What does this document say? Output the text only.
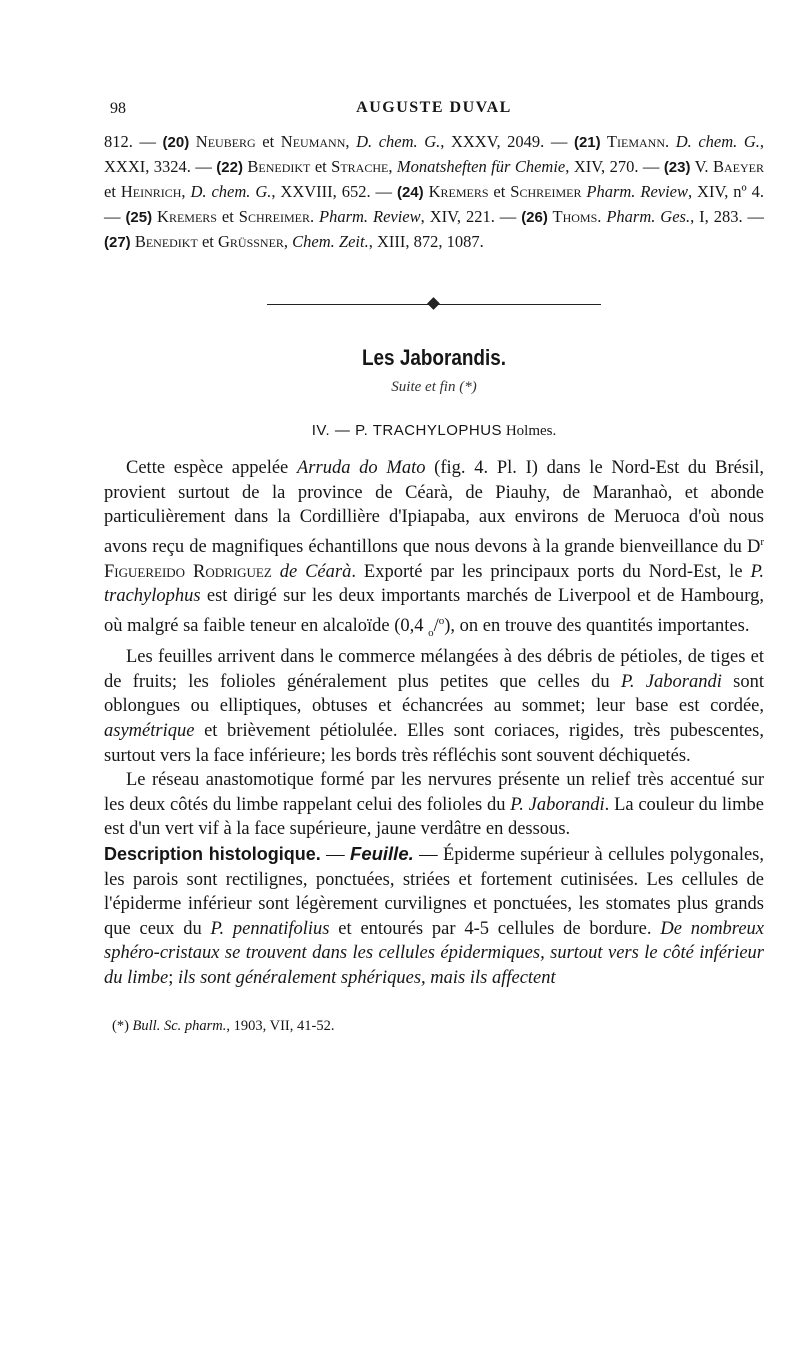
98	AUGUSTE DUVAL
812. — (20) Neuberg et Neumann, D. chem. G., XXXV, 2049. — (21) Tiemann. D. chem. G., XXXI, 3324. — (22) Benedikt et Strache, Monatsheften für Chemie, XIV, 270. — (23) V. Baeyer et Heinrich, D. chem. G., XXVIII, 652. — (24) Kremers et Schreimer Pharm. Review, XIV, nº 4. — (25) Kremers et Schreimer. Pharm. Review, XIV, 221. — (26) Thoms. Pharm. Ges., I, 283. — (27) Benedikt et Grüssner, Chem. Zeit., XIII, 872, 1087.
Les Jaborandis.
Suite et fin (*)
IV. — P. TRACHYLOPHUS Holmes.

Cette espèce appelée Arruda do Mato (fig. 4. Pl. I) dans le Nord-Est du Brésil, provient surtout de la province de Céarà, de Piauhy, de Maranhaò, et abonde particulièrement dans la Cordillière d'Ipiapaba, aux environs de Meruoca d'où nous avons reçu de magnifiques échantillons que nous devons à la grande bienveillance du $D^r$ Figuereido Rodriguez de Céarà. Exporté par les principaux ports du Nord-Est, le P. trachylophus est dirigé sur les deux importants marchés de Liverpool et de Hambourg, où malgré sa faible teneur en alcaloïde (0,4 $_o$/$^o$), on en trouve des quantités importantes.

Les feuilles arrivent dans le commerce mélangées à des débris de pétioles, de tiges et de fruits; les folioles généralement plus petites que celles du P. Jaborandi sont oblongues ou elliptiques, obtuses et échancrées au sommet; leur base est cordée, asymétrique et brièvement pétiolulée. Elles sont coriaces, rigides, très pubescentes, surtout vers la face inférieure; les bords très réfléchis sont souvent déchiquetés.

Le réseau anastomotique formé par les nervures présente un relief très accentué sur les deux côtés du limbe rappelant celui des folioles du P. Jaborandi. La couleur du limbe est d'un vert vif à la face supérieure, jaune verdâtre en dessous.

Description histologique. — Feuille. — Épiderme supérieur à cellules polygonales, les parois sont rectilignes, ponctuées, striées et fortement cutinisées. Les cellules de l'épiderme inférieur sont légèrement curvilignes et ponctuées, les stomates plus grands que ceux du P. pennatifolius et entourés par 4-5 cellules de bordure. De nombreux sphéro-cristaux se trouvent dans les cellules épidermiques, surtout vers le côté inférieur du limbe; ils sont généralement sphériques, mais ils affectent

(*) Bull. Sc. pharm., 1903, VII, 41-52.
